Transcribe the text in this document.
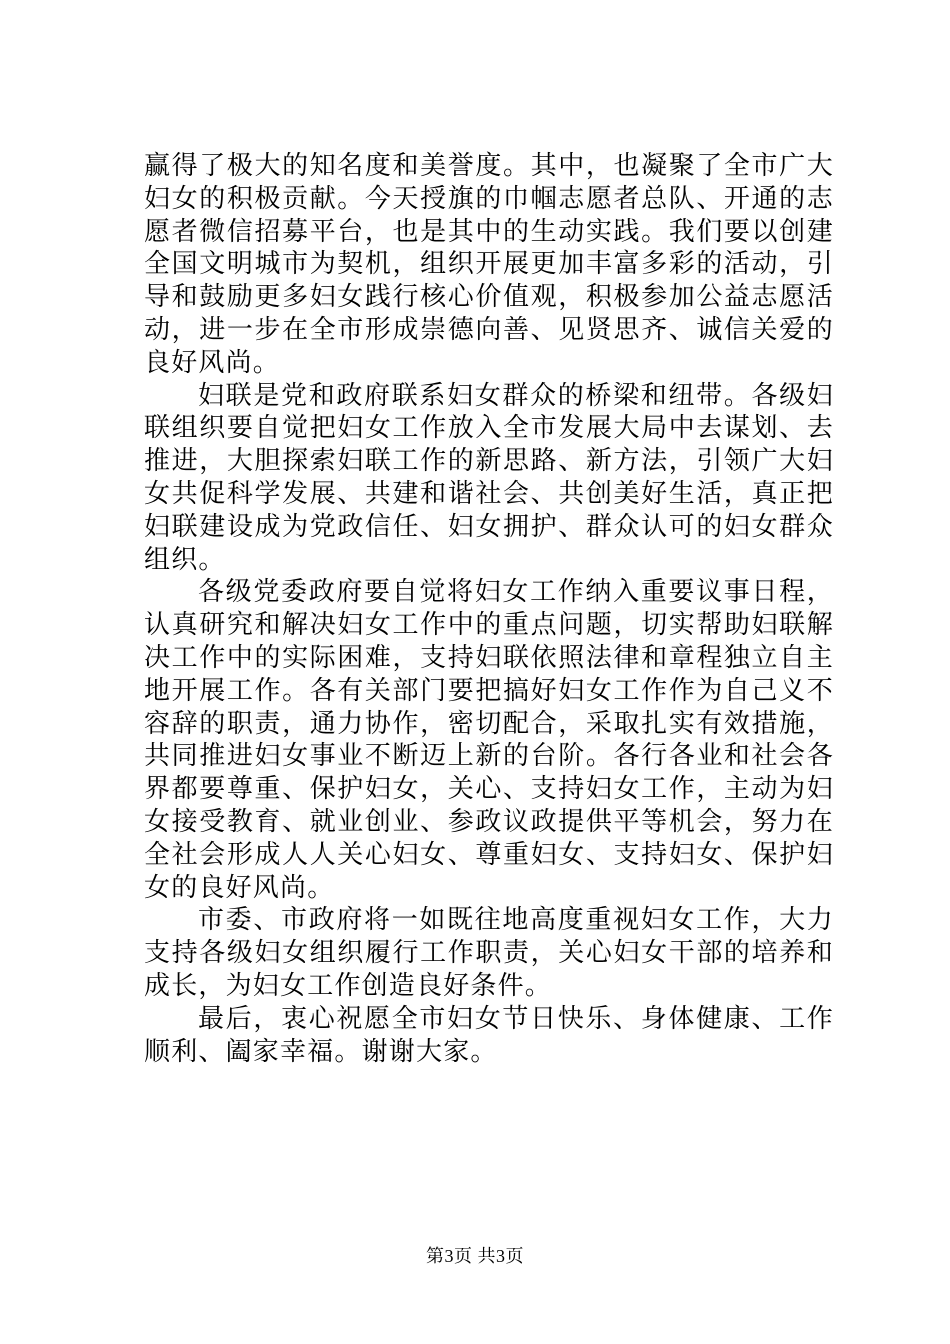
赢得了极大的知名度和美誉度。其中，也凝聚了全市广大妇女的积极贡献。今天授旗的巾帼志愿者总队、开通的志愿者微信招募平台，也是其中的生动实践。我们要以创建全国文明城市为契机，组织开展更加丰富多彩的活动，引导和鼓励更多妇女践行核心价值观，积极参加公益志愿活动，进一步在全市形成崇德向善、见贤思齐、诚信关爱的良好风尚。

妇联是党和政府联系妇女群众的桥梁和纽带。各级妇联组织要自觉把妇女工作放入全市发展大局中去谋划、去推进，大胆探索妇联工作的新思路、新方法，引领广大妇女共促科学发展、共建和谐社会、共创美好生活，真正把妇联建设成为党政信任、妇女拥护、群众认可的妇女群众组织。

各级党委政府要自觉将妇女工作纳入重要议事日程，认真研究和解决妇女工作中的重点问题，切实帮助妇联解决工作中的实际困难，支持妇联依照法律和章程独立自主地开展工作。各有关部门要把搞好妇女工作作为自己义不容辞的职责，通力协作，密切配合，采取扎实有效措施，共同推进妇女事业不断迈上新的台阶。各行各业和社会各界都要尊重、保护妇女，关心、支持妇女工作，主动为妇女接受教育、就业创业、参政议政提供平等机会，努力在全社会形成人人关心妇女、尊重妇女、支持妇女、保护妇女的良好风尚。

市委、市政府将一如既往地高度重视妇女工作，大力支持各级妇女组织履行工作职责，关心妇女干部的培养和成长，为妇女工作创造良好条件。

最后，衷心祝愿全市妇女节日快乐、身体健康、工作顺利、阖家幸福。谢谢大家。

第3页 共3页
